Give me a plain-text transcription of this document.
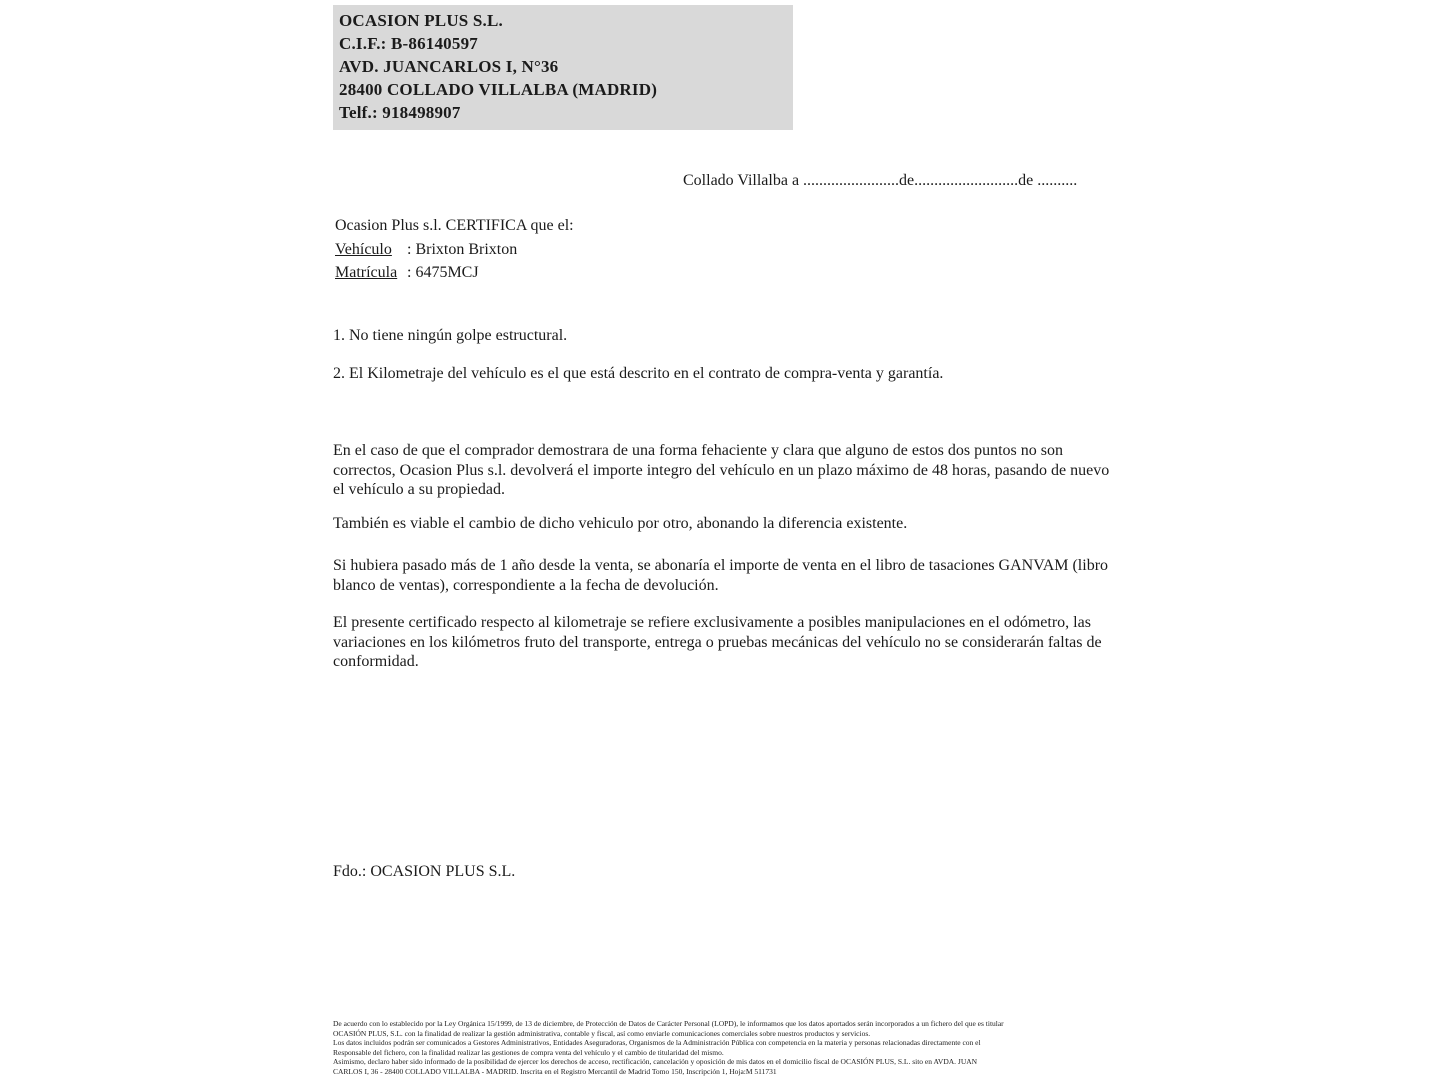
OCASION PLUS S.L.
C.I.F.: B-86140597
AVD. JUANCARLOS I, N°36
28400 COLLADO VILLALBA (MADRID)
Telf.: 918498907
Collado Villalba a ........................de..........................de ..........
Ocasion Plus s.l. CERTIFICA que el:
Vehículo : Brixton Brixton
Matrícula : 6475MCJ
1. No tiene ningún golpe estructural.
2. El Kilometraje del vehículo es el que está descrito en el contrato de compra-venta y garantía.
En el caso de que el comprador demostrara de una forma fehaciente y clara que alguno de estos dos puntos no son correctos, Ocasion Plus s.l. devolverá el importe integro del vehículo en un plazo máximo de 48 horas, pasando de nuevo el vehículo a su propiedad.
También es viable el cambio de dicho vehiculo por otro, abonando la diferencia existente.
Si hubiera pasado más de 1 año desde la venta, se abonaría el importe de venta en el libro de tasaciones GANVAM (libro blanco de ventas), correspondiente a la fecha de devolución.
El presente certificado respecto al kilometraje se refiere exclusivamente a posibles manipulaciones en el odómetro, las variaciones en los kilómetros fruto del transporte, entrega o pruebas mecánicas del vehículo no se considerarán faltas de conformidad.
Fdo.: OCASION PLUS S.L.
De acuerdo con lo establecido por la Ley Orgánica 15/1999, de 13 de diciembre, de Protección de Datos de Carácter Personal (LOPD), le informamos que los datos aportados serán incorporados a un fichero del que es titular
OCASIÓN PLUS, S.L. con la finalidad de realizar la gestión administrativa, contable y fiscal, así como enviarle comunicaciones comerciales sobre nuestros productos y servicios.
Los datos incluidos podrán ser comunicados a Gestores Administrativos, Entidades Aseguradoras, Organismos de la Administración Pública con competencia en la materia y personas relacionadas directamente con el
Responsable del fichero, con la finalidad realizar las gestiones de compra venta del vehículo y el cambio de titularidad del mismo.
Asimismo, declaro haber sido informado de la posibilidad de ejercer los derechos de acceso, rectificación, cancelación y oposición de mis datos en el domicilio fiscal de OCASIÓN PLUS, S.L. sito en AVDA. JUAN
CARLOS I, 36 - 28400 COLLADO VILLALBA - MADRID. Inscrita en el Registro Mercantil de Madrid Tomo 150, Inscripción 1, Hoja:M 511731
